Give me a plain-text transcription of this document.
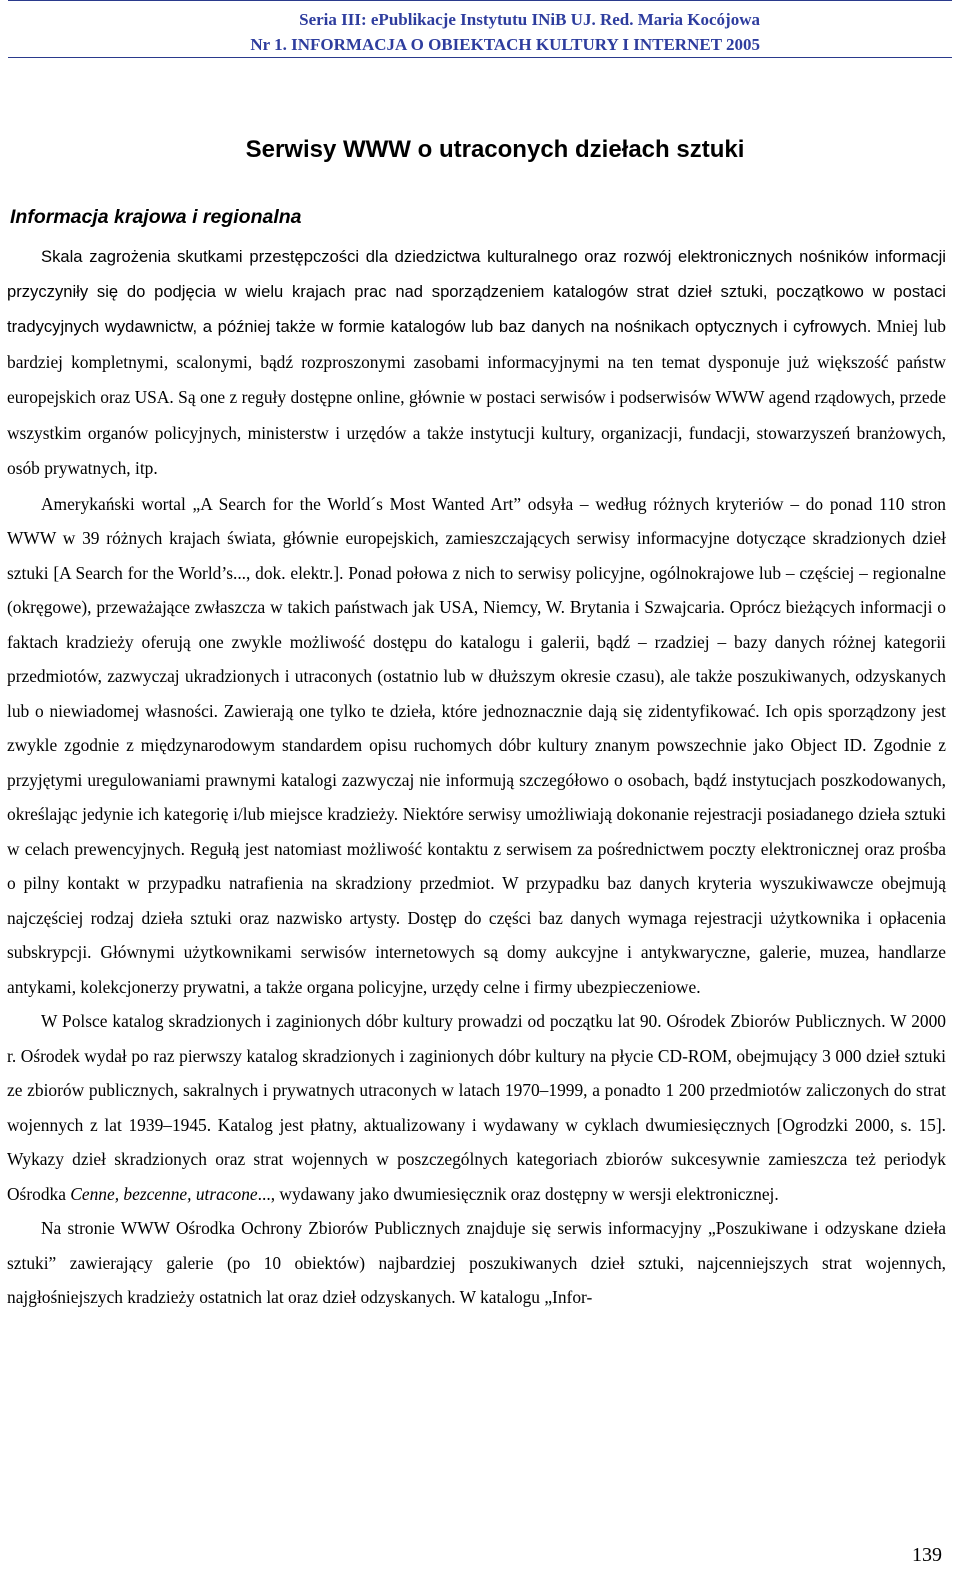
Seria III: ePublikacje Instytutu INiB UJ. Red. Maria Kocójowa
Nr 1. INFORMACJA O OBIEKTACH KULTURY I INTERNET 2005
Serwisy WWW o utraconych dziełach sztuki
Informacja krajowa i regionalna

Skala zagrożenia skutkami przestępczości dla dziedzictwa kulturalnego oraz rozwój elektronicznych nośników informacji przyczyniły się do podjęcia w wielu krajach prac nad sporządzeniem katalogów strat dzieł sztuki, początkowo w postaci tradycyjnych wydawnictw, a później także w formie katalogów lub baz danych na nośnikach optycznych i cyfrowych. Mniej lub bardziej kompletnymi, scalonymi, bądź rozproszonymi zasobami informacyjnymi na ten temat dysponuje już większość państw europejskich oraz USA. Są one z reguły dostępne online, głównie w postaci serwisów i podserwisów WWW agend rządowych, przede wszystkim organów policyjnych, ministerstw i urzędów a także instytucji kultury, organizacji, fundacji, stowarzyszeń branżowych, osób prywatnych, itp.

Amerykański wortal „A Search for the World´s Most Wanted Art” odsyła – według różnych kryteriów – do ponad 110 stron WWW w 39 różnych krajach świata, głównie europejskich, zamieszczających serwisy informacyjne dotyczące skradzionych dzieł sztuki [A Search for the World’s..., dok. elektr.]. Ponad połowa z nich to serwisy policyjne, ogólnokrajowe lub – częściej – regionalne (okręgowe), przeważające zwłaszcza w takich państwach jak USA, Niemcy, W. Brytania i Szwajcaria. Oprócz bieżących informacji o faktach kradzieży oferują one zwykle możliwość dostępu do katalogu i galerii, bądź – rzadziej – bazy danych różnej kategorii przedmiotów, zazwyczaj ukradzionych i utraconych (ostatnio lub w dłuższym okresie czasu), ale także poszukiwanych, odzyskanych lub o niewiadomej własności. Zawierają one tylko te dzieła, które jednoznacznie dają się zidentyfikować. Ich opis sporządzony jest zwykle zgodnie z międzynarodowym standardem opisu ruchomych dóbr kultury znanym powszechnie jako Object ID. Zgodnie z przyjętymi uregulowaniami prawnymi katalogi zazwyczaj nie informują szczegółowo o osobach, bądź instytucjach poszkodowanych, określając jedynie ich kategorię i/lub miejsce kradzieży. Niektóre serwisy umożliwiają dokonanie rejestracji posiadanego dzieła sztuki w celach prewencyjnych. Regułą jest natomiast możliwość kontaktu z serwisem za pośrednictwem poczty elektronicznej oraz prośba o pilny kontakt w przypadku natrafienia na skradziony przedmiot. W przypadku baz danych kryteria wyszukiwawcze obejmują najczęściej rodzaj dzieła sztuki oraz nazwisko artysty. Dostęp do części baz danych wymaga rejestracji użytkownika i opłacenia subskrypcji. Głównymi użytkownikami serwisów internetowych są domy aukcyjne i antykwaryczne, galerie, muzea, handlarze antykami, kolekcjonerzy prywatni, a także organa policyjne, urzędy celne i firmy ubezpieczeniowe.

W Polsce katalog skradzionych i zaginionych dóbr kultury prowadzi od początku lat 90. Ośrodek Zbiorów Publicznych. W 2000 r. Ośrodek wydał po raz pierwszy katalog skradzionych i zaginionych dóbr kultury na płycie CD-ROM, obejmujący 3 000 dzieł sztuki ze zbiorów publicznych, sakralnych i prywatnych utraconych w latach 1970–1999, a ponadto 1 200 przedmiotów zaliczonych do strat wojennych z lat 1939–1945. Katalog jest płatny, aktualizowany i wydawany w cyklach dwumiesięcznych [Ogrodzki 2000, s. 15]. Wykazy dzieł skradzionych oraz strat wojennych w poszczególnych kategoriach zbiorów sukcesywnie zamieszcza też periodyk Ośrodka Cenne, bezcenne, utracone..., wydawany jako dwumiesięcznik oraz dostępny w wersji elektronicznej.

Na stronie WWW Ośrodka Ochrony Zbiorów Publicznych znajduje się serwis informacyjny „Poszukiwane i odzyskane dzieła sztuki” zawierający galerie (po 10 obiektów) najbardziej poszukiwanych dzieł sztuki, najcenniejszych strat wojennych, najgłośniejszych kradzieży ostatnich lat oraz dzieł odzyskanych. W katalogu „Infor-

139
